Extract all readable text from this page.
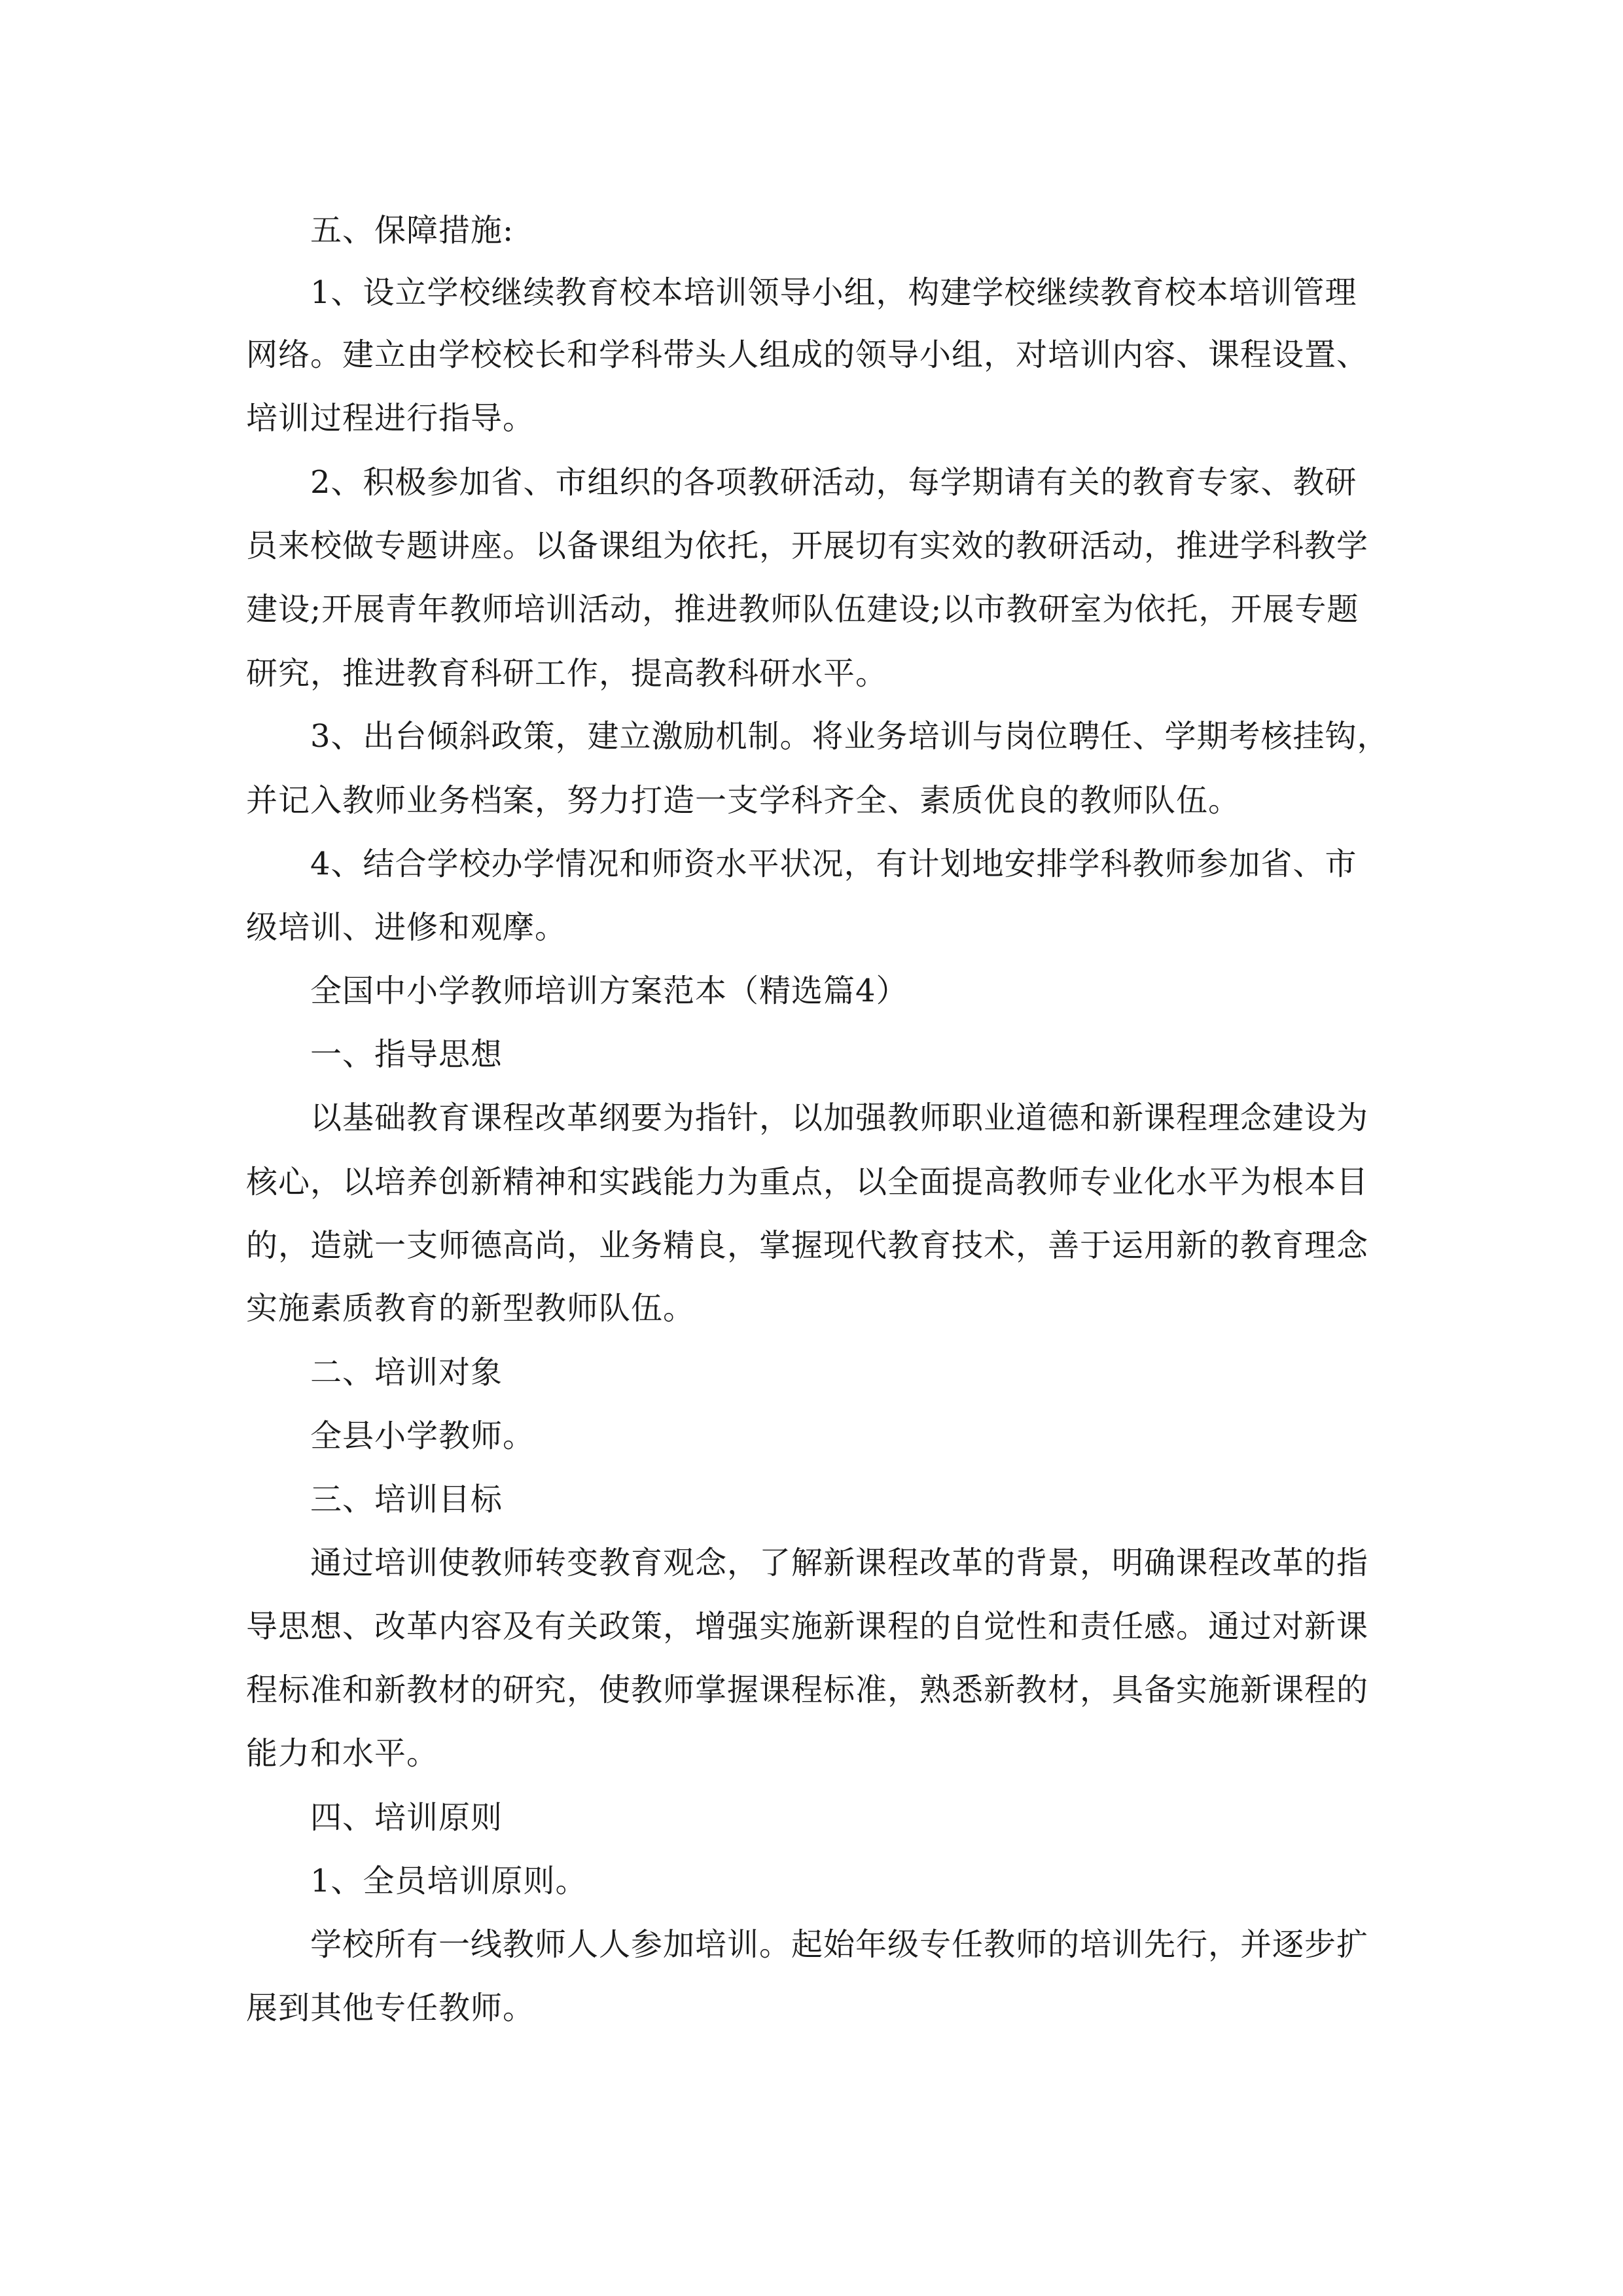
五、保障措施:
1、设立学校继续教育校本培训领导小组，构建学校继续教育校本培训管理
网络。建立由学校校长和学科带头人组成的领导小组，对培训内容、课程设置、
培训过程进行指导。
2、积极参加省、市组织的各项教研活动，每学期请有关的教育专家、教研
员来校做专题讲座。以备课组为依托，开展切有实效的教研活动，推进学科教学
建设;开展青年教师培训活动，推进教师队伍建设;以市教研室为依托，开展专题
研究，推进教育科研工作，提高教科研水平。
3、出台倾斜政策，建立激励机制。将业务培训与岗位聘任、学期考核挂钩，
并记入教师业务档案，努力打造一支学科齐全、素质优良的教师队伍。
4、结合学校办学情况和师资水平状况，有计划地安排学科教师参加省、市
级培训、进修和观摩。
全国中小学教师培训方案范本（精选篇4）
一、指导思想
以基础教育课程改革纲要为指针，以加强教师职业道德和新课程理念建设为
核心，以培养创新精神和实践能力为重点，以全面提高教师专业化水平为根本目
的，造就一支师德高尚，业务精良，掌握现代教育技术，善于运用新的教育理念
实施素质教育的新型教师队伍。
二、培训对象
全县小学教师。
三、培训目标
通过培训使教师转变教育观念，了解新课程改革的背景，明确课程改革的指
导思想、改革内容及有关政策，增强实施新课程的自觉性和责任感。通过对新课
程标准和新教材的研究，使教师掌握课程标准，熟悉新教材，具备实施新课程的
能力和水平。
四、培训原则
1、全员培训原则。
学校所有一线教师人人参加培训。起始年级专任教师的培训先行，并逐步扩
展到其他专任教师。
